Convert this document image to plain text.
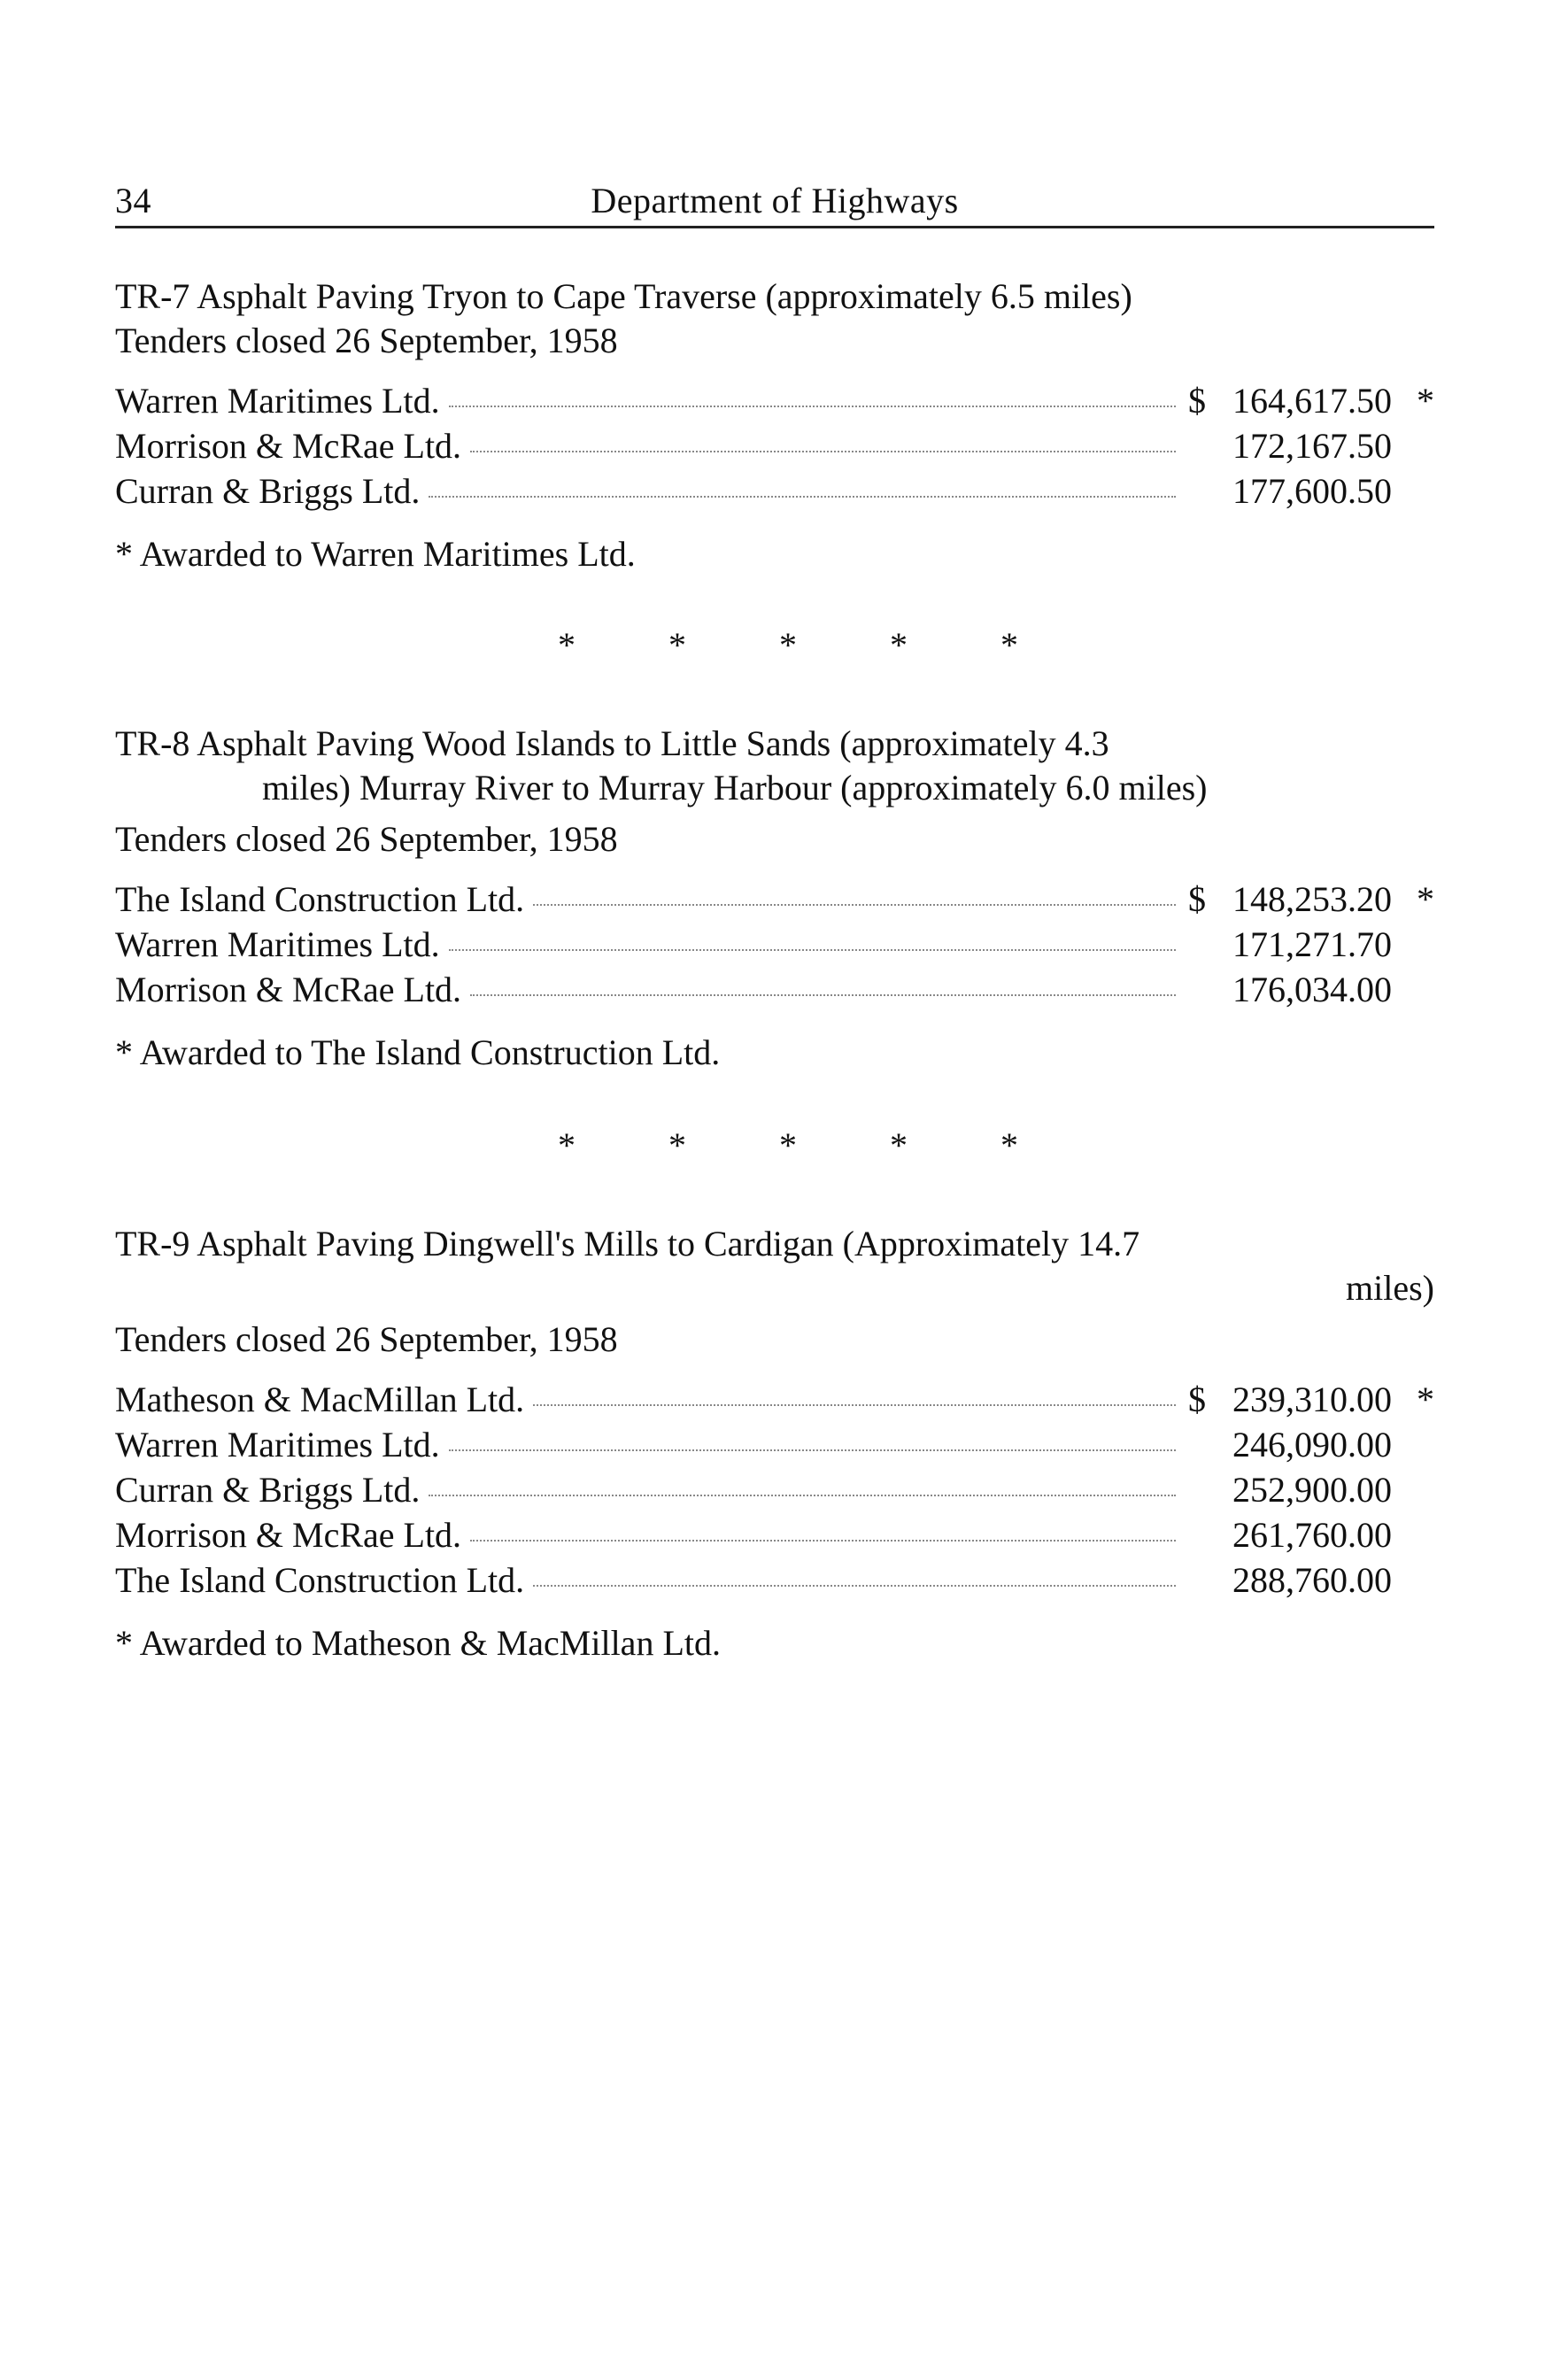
34	Department of Highways
TR-7 Asphalt Paving Tryon to Cape Traverse (approximately 6.5 miles)
Tenders closed 26 September, 1958
Warren Maritimes Ltd.	$ 164,617.50 *
Morrison & McRae Ltd.	172,167.50
Curran & Briggs Ltd.	177,600.50
* Awarded to Warren Maritimes Ltd.
*	*	*	*	*
TR-8 Asphalt Paving Wood Islands to Little Sands (approximately 4.3
miles) Murray River to Murray Harbour (approximately 6.0 miles)
Tenders closed 26 September, 1958
The Island Construction Ltd.	$ 148,253.20 *
Warren Maritimes Ltd.	171,271.70
Morrison & McRae Ltd.	176,034.00
* Awarded to The Island Construction Ltd.
*	*	*	*	*
TR-9 Asphalt Paving Dingwell's Mills to Cardigan (Approximately 14.7
miles)
Tenders closed 26 September, 1958
Matheson & MacMillan Ltd.	$ 239,310.00 *
Warren Maritimes Ltd.	246,090.00
Curran & Briggs Ltd.	252,900.00
Morrison & McRae Ltd.	261,760.00
The Island Construction Ltd.	288,760.00
* Awarded to Matheson & MacMillan Ltd.
